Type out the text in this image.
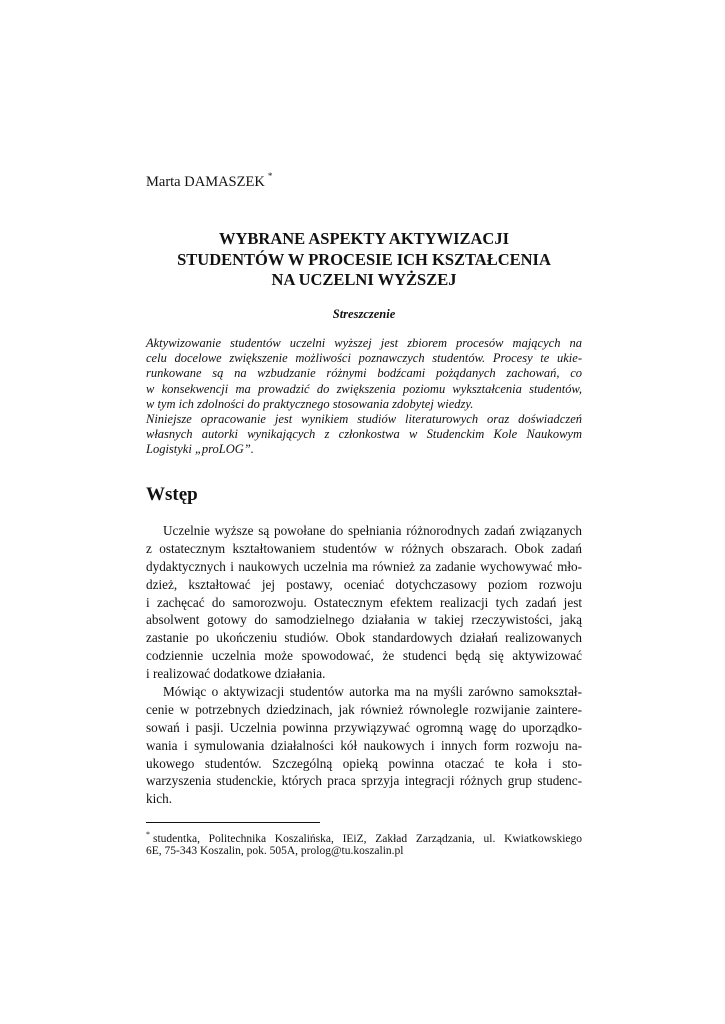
Marta DAMASZEK *
WYBRANE ASPEKTY AKTYWIZACJI
STUDENTÓW W PROCESIE ICH KSZTAŁCENIA
NA UCZELNI WYŻSZEJ
Streszczenie
Aktywizowanie studentów uczelni wyższej jest zbiorem procesów mających na
celu docelowe zwiększenie możliwości poznawczych studentów. Procesy te ukie-
runkowane są na wzbudzanie różnymi bodźcami pożądanych zachowań, co
w konsekwencji ma prowadzić do zwiększenia poziomu wykształcenia studentów,
w tym ich zdolności do praktycznego stosowania zdobytej wiedzy.
Niniejsze opracowanie jest wynikiem studiów literaturowych oraz doświadczeń
własnych autorki wynikających z członkostwa w Studenckim Kole Naukowym
Logistyki „proLOG”.
Wstęp
Uczelnie wyższe są powołane do spełniania różnorodnych zadań związanych
z ostatecznym kształtowaniem studentów w różnych obszarach. Obok zadań
dydaktycznych i naukowych uczelnia ma również za zadanie wychowywać mło-
dzież, kształtować jej postawy, oceniać dotychczasowy poziom rozwoju
i zachęcać do samorozwoju. Ostatecznym efektem realizacji tych zadań jest
absolwent gotowy do samodzielnego działania w takiej rzeczywistości, jaką
zastanie po ukończeniu studiów. Obok standardowych działań realizowanych
codziennie uczelnia może spowodować, że studenci będą się aktywizować
i realizować dodatkowe działania.
Mówiąc o aktywizacji studentów autorka ma na myśli zarówno samokształ-
cenie w potrzebnych dziedzinach, jak również równolegle rozwijanie zaintere-
sowań i pasji. Uczelnia powinna przywiązywać ogromną wagę do uporządko-
wania i symulowania działalności kół naukowych i innych form rozwoju na-
ukowego studentów. Szczególną opieką powinna otaczać te koła i sto-
warzyszenia studenckie, których praca sprzyja integracji różnych grup studenc-
kich.
* studentka, Politechnika Koszalińska, IEiZ, Zakład Zarządzania, ul. Kwiatkowskiego
6E, 75-343 Koszalin, pok. 505A, prolog@tu.koszalin.pl
